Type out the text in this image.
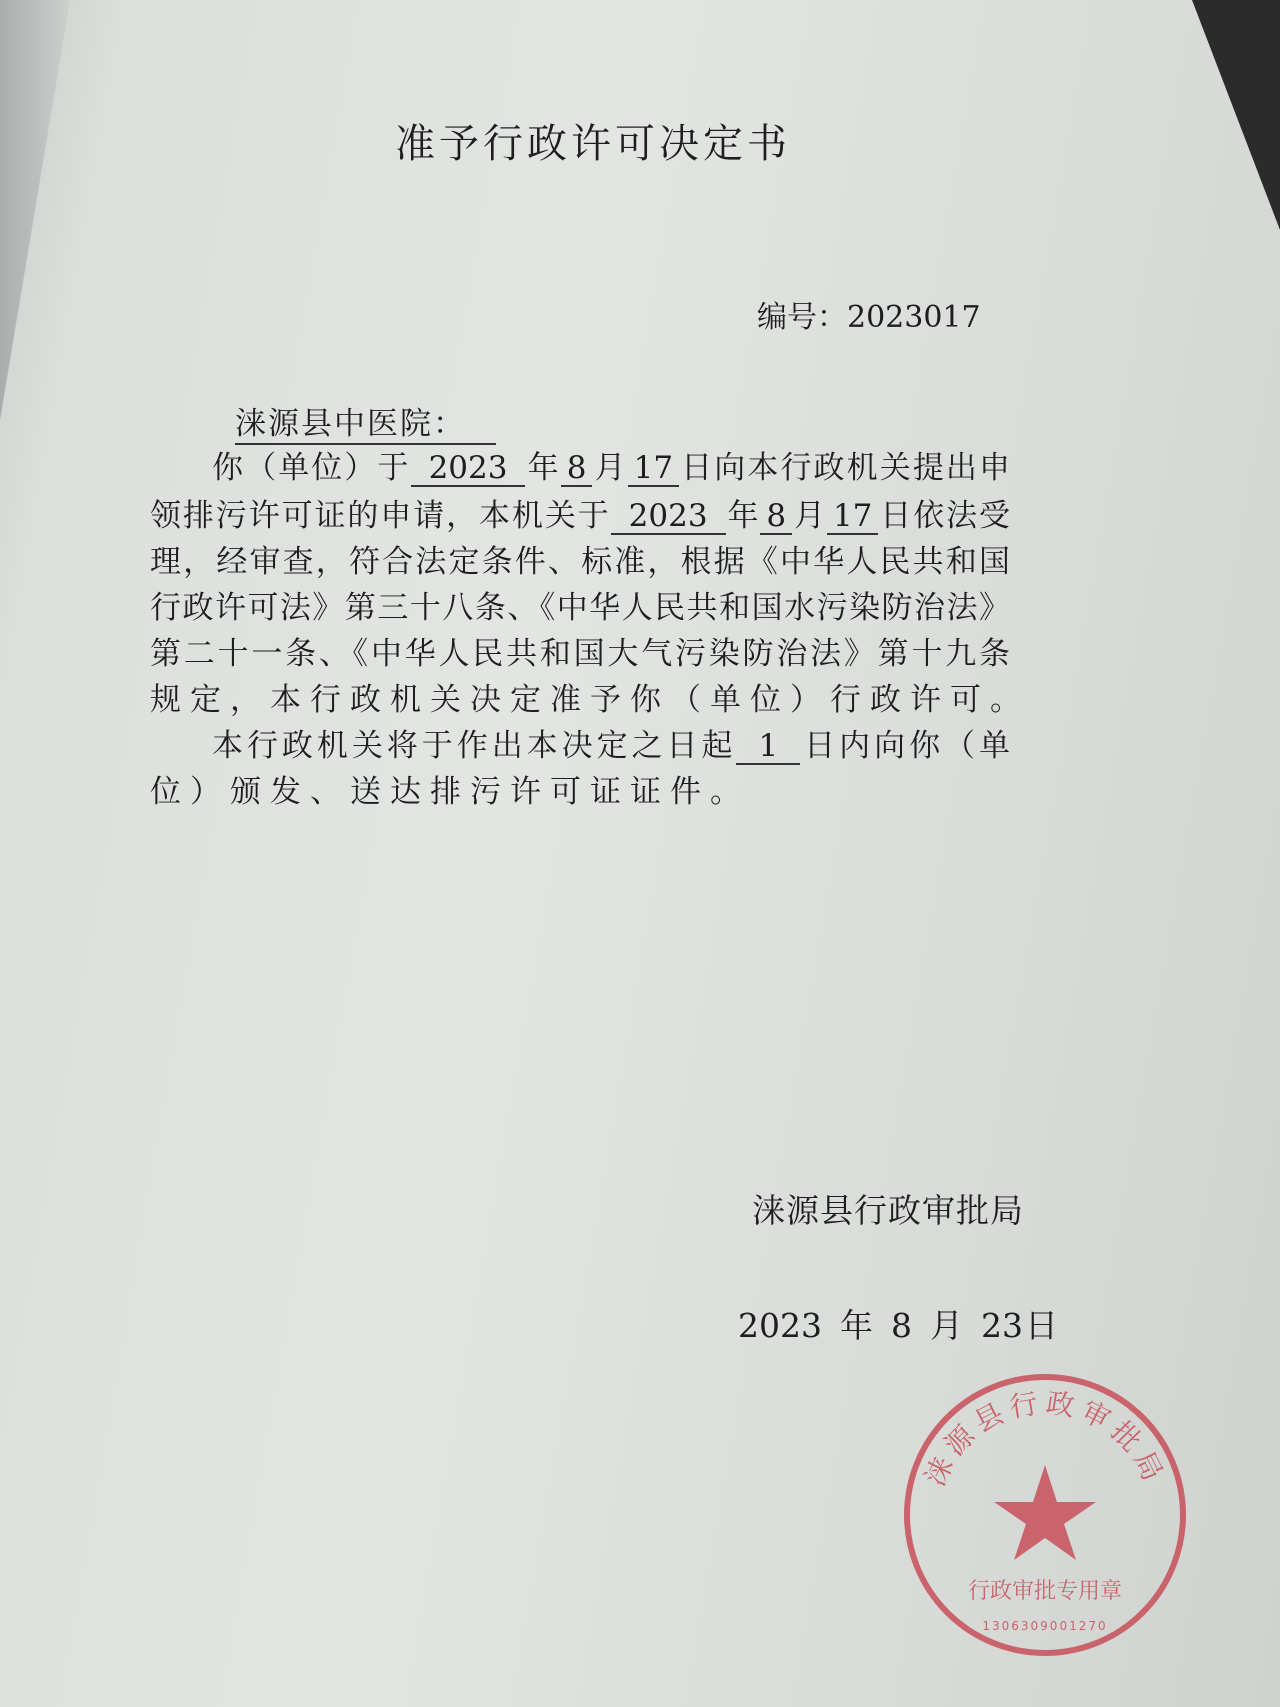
准予行政许可决定书
编号：2023017
涞源县中医院：
你（单位）于 2023 年 8 月 17 日向本行政机关提出申
领排污许可证的申请，本机关于 2023 年 8 月 17 日依法受
理，经审查，符合法定条件、标准，根据《中华人民共和国
行政许可法》第三十八条、《中华人民共和国水污染防治法》
第二十一条、《中华人民共和国大气污染防治法》第十九条
规定，本行政机关决定准予你（单位）行政许可。
本行政机关将于作出本决定之日起 1 日内向你（单
位）颁发、送达排污许可证证件。
涞源县行政审批局
2023 年 8 月 23日
涞源县行政审批局
行政审批专用章
1306309001270
